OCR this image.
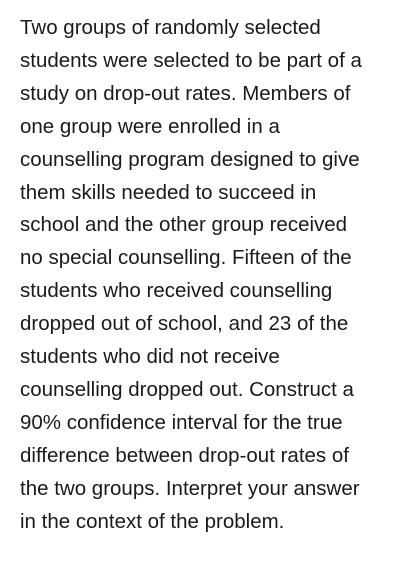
Two groups of randomly selected
students were selected to be part of a
study on drop-out rates. Members of
one group were enrolled in a
counselling program designed to give
them skills needed to succeed in
school and the other group received
no special counselling. Fifteen of the
students who received counselling
dropped out of school, and 23 of the
students who did not receive
counselling dropped out. Construct a
90% confidence interval for the true
difference between drop-out rates of
the two groups. Interpret your answer
in the context of the problem.
